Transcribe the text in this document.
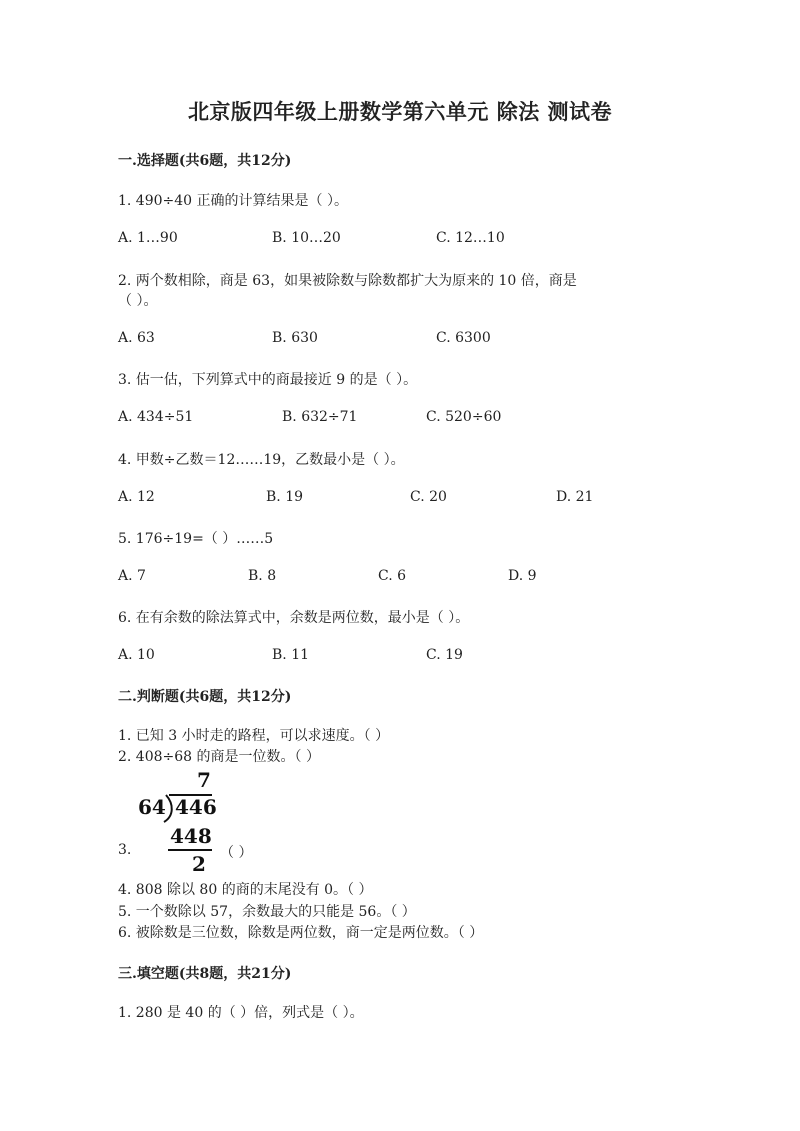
北京版四年级上册数学第六单元 除法 测试卷
一.选择题(共6题，共12分)
1. 490÷40 正确的计算结果是（ ）。
A. 1…90	B. 10…20	C. 12…10
2. 两个数相除，商是 63，如果被除数与除数都扩大为原来的 10 倍，商是
（ ）。
A. 63	B. 630	C. 6300
3. 估一估，下列算式中的商最接近 9 的是（ ）。
A. 434÷51	B. 632÷71	C. 520÷60
4. 甲数÷乙数＝12……19，乙数最小是（ ）。
A. 12	B. 19	C. 20	D. 21
5. 176÷19=（ ）……5
A. 7	B. 8	C. 6	D. 9
6. 在有余数的除法算式中，余数是两位数，最小是（ ）。
A. 10	B. 11	C. 19
二.判断题(共6题，共12分)
1. 已知 3 小时走的路程，可以求速度。（ ）
2. 408÷68 的商是一位数。（ ）
7
64 446
448
2
3.	（ ）
4. 808 除以 80 的商的末尾没有 0。（ ）
5. 一个数除以 57，余数最大的只能是 56。（ ）
6. 被除数是三位数，除数是两位数，商一定是两位数。（ ）
三.填空题(共8题，共21分)
1. 280 是 40 的（ ）倍，列式是（ ）。
